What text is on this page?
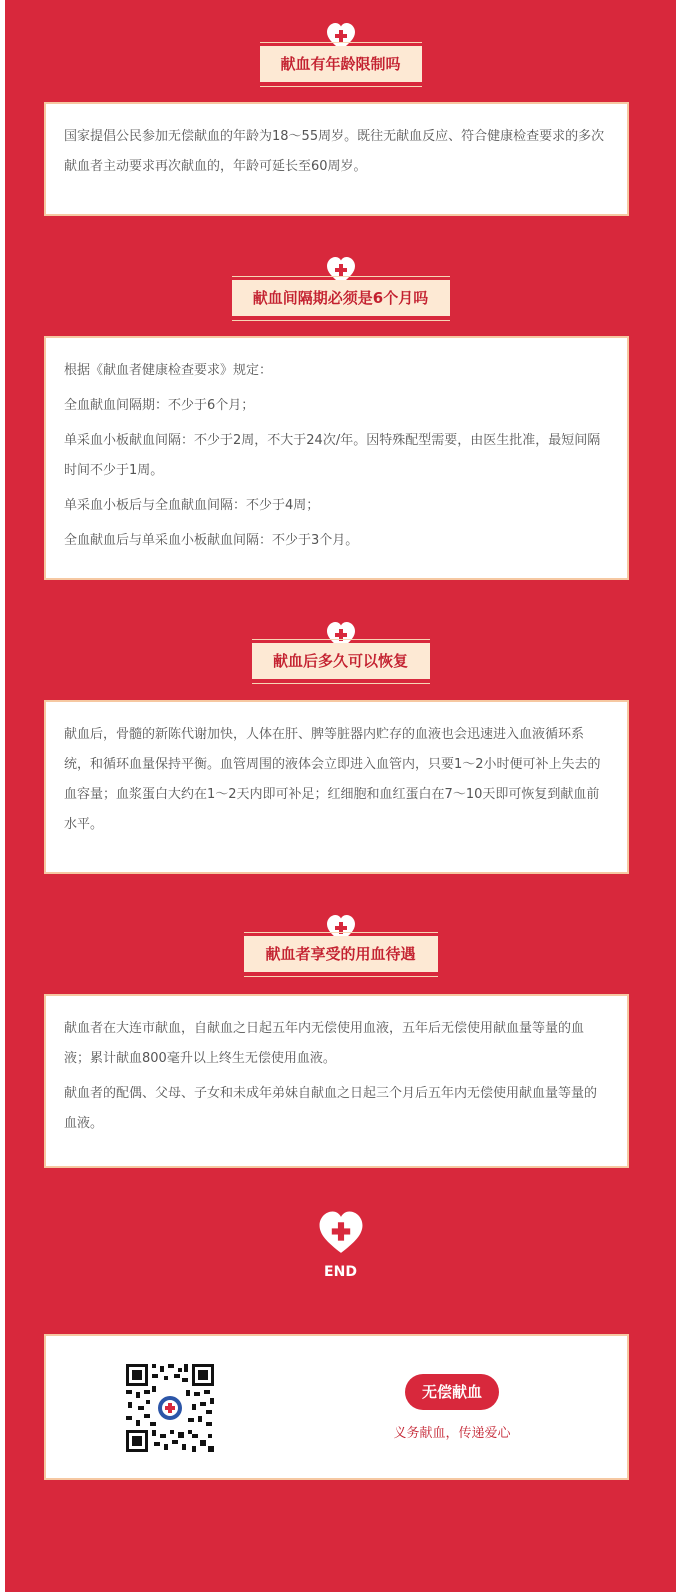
献血有年龄限制吗

国家提倡公民参加无偿献血的年龄为18～55周岁。既往无献血反应、符合健康检查要求的多次献血者主动要求再次献血的，年龄可延长至60周岁。

献血间隔期必须是6个月吗

根据《献血者健康检查要求》规定：

全血献血间隔期：不少于6个月；

单采血小板献血间隔：不少于2周，不大于24次/年。因特殊配型需要，由医生批准，最短间隔时间不少于1周。

单采血小板后与全血献血间隔：不少于4周；

全血献血后与单采血小板献血间隔：不少于3个月。

献血后多久可以恢复

献血后，骨髓的新陈代谢加快，人体在肝、脾等脏器内贮存的血液也会迅速进入血液循环系统，和循环血量保持平衡。血管周围的液体会立即进入血管内，只要1～2小时便可补上失去的血容量；血浆蛋白大约在1～2天内即可补足；红细胞和血红蛋白在7～10天即可恢复到献血前水平。

献血者享受的用血待遇

献血者在大连市献血，自献血之日起五年内无偿使用血液，五年后无偿使用献血量等量的血液；累计献血800毫升以上终生无偿使用血液。

献血者的配偶、父母、子女和未成年弟妹自献血之日起三个月后五年内无偿使用献血量等量的血液。

END
无偿献血
义务献血，传递爱心
